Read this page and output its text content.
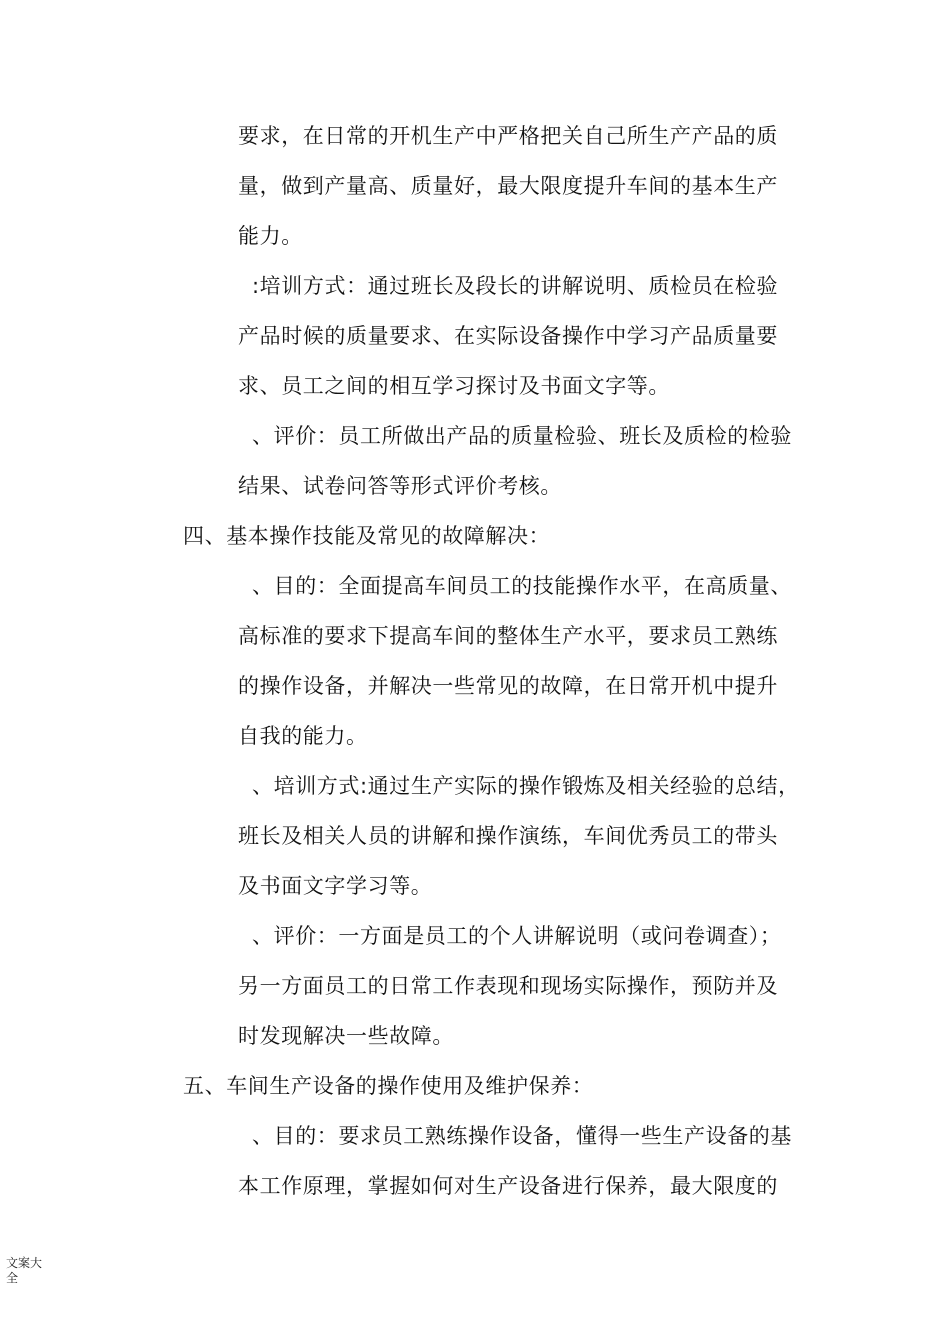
要求，在日常的开机生产中严格把关自己所生产产品的质
量，做到产量高、质量好，最大限度提升车间的基本生产
能力。
:培训方式：通过班长及段长的讲解说明、质检员在检验
产品时候的质量要求、在实际设备操作中学习产品质量要
求、员工之间的相互学习探讨及书面文字等。
、评价：员工所做出产品的质量检验、班长及质检的检验
结果、试卷问答等形式评价考核。
四、基本操作技能及常见的故障解决：
、目的：全面提高车间员工的技能操作水平，在高质量、
高标准的要求下提高车间的整体生产水平，要求员工熟练
的操作设备，并解决一些常见的故障，在日常开机中提升
自我的能力。
、培训方式:通过生产实际的操作锻炼及相关经验的总结，
班长及相关人员的讲解和操作演练，车间优秀员工的带头
及书面文字学习等。
、评价：一方面是员工的个人讲解说明（或问卷调查）；
另一方面员工的日常工作表现和现场实际操作，预防并及
时发现解决一些故障。
五、车间生产设备的操作使用及维护保养：
、目的：要求员工熟练操作设备，懂得一些生产设备的基
本工作原理，掌握如何对生产设备进行保养，最大限度的
文案大全
